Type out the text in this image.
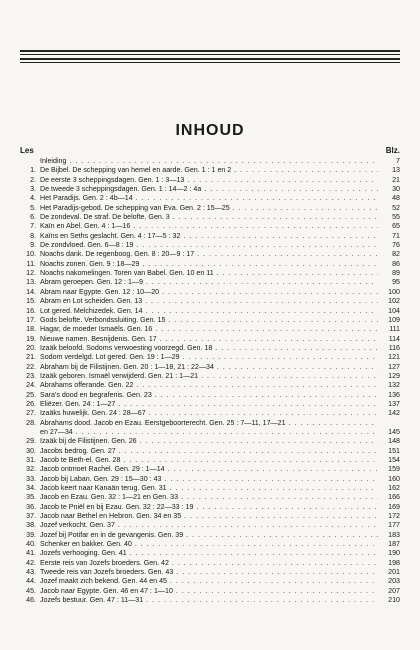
INHOUD
Les	Blz.
Inleiding . . .	7
1. De Bijbel. De schepping van hemel en aarde. Gen. 1 : 1 en 2 . . .	13
2. De eerste 3 scheppingsdagen. Gen. 1 : 3—13 . . .	21
3. De tweede 3 scheppingsdagen. Gen. 1 : 14—2 : 4a . . .	30
4. Het Paradijs. Gen. 2 : 4b—14 . . .	48
5. Het Paradijs-gebod. De schepping van Eva. Gen. 2 : 15—25 . . .	52
6. De zondeval. De straf. De belofte. Gen. 3 . . .	55
7. Kaïn en Abel. Gen. 4 : 1—16 . . .	65
8. Kaïns en Seths geslacht. Gen. 4 : 17—5 : 32 . . .	71
9. De zondvloed. Gen. 6—8 : 19 . . .	76
10. Noachs dank. De regenboog. Gen. 8 : 20—9 : 17 . . .	82
11. Noachs zonen. Gen. 9 : 18—29 . . .	86
12. Noachs nakomelingen. Toren van Babel. Gen. 10 en 11 . . .	89
13. Abram geroepen. Gen. 12 : 1—9 . . .	95
14. Abram naar Egypte. Gen. 12 : 10—20 . . .	100
15. Abram en Lot scheiden. Gen. 13 . . .	102
16. Lot gered. Melchizedek. Gen. 14 . . .	104
17. Gods belofte. Verbondssluiting. Gen. 15 . . .	109
18. Hagar, de moeder Ismaëls. Gen. 16 . . .	111
19. Nieuwe namen. Besnijdenis. Gen. 17 . . .	114
20. Izaäk beloofd. Sodoms verwoesting voorzegd. Gen. 18 . . .	116
21. Sodom verdelgd. Lot gered. Gen. 19 : 1—29 . . .	121
22. Abraham bij de Filistijnen. Gen. 20 : 1—18, 21 : 22—34 . . .	127
23. Izaäk geboren. Ismaël verwijderd. Gen. 21 : 1—21 . . .	129
24. Abrahams offerande. Gen. 22 . . .	132
25. Sara's dood en begrafenis. Gen. 23 . . .	136
26. Eliëzer. Gen. 24 : 1—27 . . .	137
27. Izaäks huwelijk. Gen. 24 : 28—67 . . .	142
28. Abrahams dood. Jacob en Ezau. Eerstgeboorterecht. Gen. 25 : 7—11, 17—21 . . .
en 27—34 . . .	145
29. Izaäk bij de Filistijnen. Gen. 26 . . .	148
30. Jacobs bedrog. Gen. 27 . . .	151
31. Jacob te Beth-el. Gen. 28 . . .	154
32. Jacob ontmoet Rachel. Gen. 29 : 1—14 . . .	159
33. Jacob bij Laban. Gen. 29 : 15—30 : 43 . . .	160
34. Jacob keert naar Kanaän terug. Gen. 31 . . .	162
35. Jacob en Ezau. Gen. 32 : 1—21 en Gen. 33 . . .	166
36. Jacob te Pniël en bij Ezau. Gen. 32 : 22—33 : 19 . . .	169
37. Jacob naar Bethel en Hebron. Gen. 34 en 35 . . .	172
38. Jozef verkocht. Gen. 37 . . .	177
39. Jozef bij Potifar en in de gevangenis. Gen. 39 . . .	183
40. Schenker en bakker. Gen. 40 . . .	187
41. Jozefs verhooging. Gen. 41 . . .	190
42. Eerste reis van Jozefs broeders. Gen. 42 . . .	198
43. Tweede reis van Jozefs broeders. Gen. 43 . . .	201
44. Jozef maakt zich bekend. Gen. 44 en 45 . . .	203
45. Jacob naar Egypte. Gen. 46 en 47 : 1—10 . . .	207
46. Jozefs bestuur. Gen. 47 : 11—31 . . .	210
